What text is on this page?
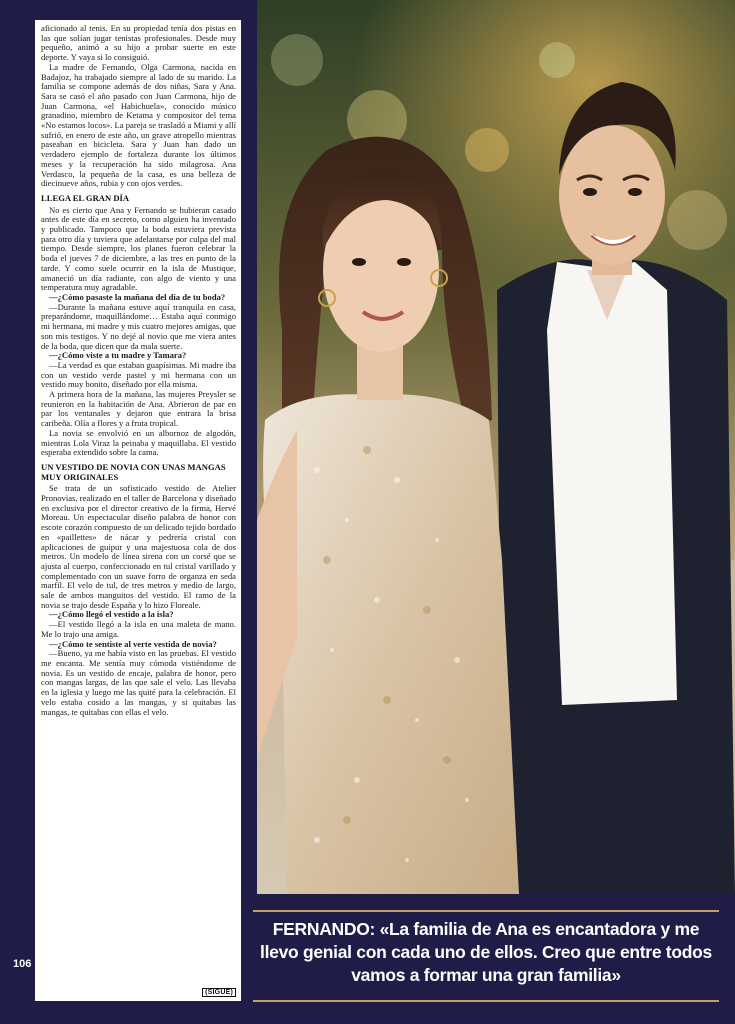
aficionado al tenis. En su propiedad tenía dos pistas en las que solían jugar tenistas profesionales. Desde muy pequeño, animó a su hijo a probar suerte en este deporte. Y vaya si lo consiguió.

La madre de Fernando, Olga Carmona, nacida en Badajoz, ha trabajado siempre al lado de su marido. La familia se compone además de dos niñas, Sara y Ana. Sara se casó el año pasado con Juan Carmona, hijo de Juan Carmona, «el Habichuela», conocido músico granadino, miembro de Ketama y compositor del tema «No estamos locos». La pareja se trasladó a Miami y allí sufrió, en enero de este año, un grave atropello mientras paseaban en bicicleta. Sara y Juan han dado un verdadero ejemplo de fortaleza durante los últimos meses y la recuperación ha sido milagrosa. Ana Verdasco, la pequeña de la casa, es una belleza de diecinueve años, rubia y con ojos verdes.

LLEGA EL GRAN DÍA

No es cierto que Ana y Fernando se hubieran casado antes de este día en secreto, como alguien ha inventado y publicado. Tampoco que la boda estuviera prevista para otro día y tuviera que adelantarse por culpa del mal tiempo. Desde siempre, los planes fueron celebrar la boda el jueves 7 de diciembre, a las tres en punto de la tarde. Y como suele ocurrir en la isla de Mustique, amaneció un día radiante, con algo de viento y una temperatura muy agradable.

—¿Cómo pasaste la mañana del día de tu boda?

—Durante la mañana estuve aquí tranquila en casa, preparándome, maquillándome… Estaba aquí conmigo mi hermana, mi madre y mis cuatro mejores amigas, que son mis testigos. Y no dejé al novio que me viera antes de la boda, que dicen que da mala suerte.

—¿Cómo viste a tu madre y Tamara?

—La verdad es que estaban guapísimas. Mi madre iba con un vestido verde pastel y mi hermana con un vestido muy bonito, diseñado por ella misma.

A primera hora de la mañana, las mujeres Preysler se reunieron en la habitación de Ana. Abrieron de par en par los ventanales y dejaron que entrara la brisa caribeña. Olía a flores y a fruta tropical.

La novia se envolvió en un albornoz de algodón, mientras Lola Viraz la peinaba y maquillaba. El vestido esperaba extendido sobre la cama.

UN VESTIDO DE NOVIA CON UNAS MANGAS MUY ORIGINALES

Se trata de un sofisticado vestido de Atelier Pronovias, realizado en el taller de Barcelona y diseñado en exclusiva por el director creativo de la firma, Hervé Moreau. Un espectacular diseño palabra de honor con escote corazón compuesto de un delicado tejido bordado en «paillettes» de nácar y pedrería cristal con aplicaciones de guipur y una majestuosa cola de dos metros. Un modelo de línea sirena con un corsé que se ajusta al cuerpo, confeccionado en tul cristal varillado y complementado con un suave forro de organza en seda marfil. El velo de tul, de tres metros y medio de largo, sale de ambos manguitos del vestido. El ramo de la novia se trajo desde España y lo hizo Floreale.

—¿Cómo llegó el vestido a la isla?

—El vestido llegó a la isla en una maleta de mano. Me lo trajo una amiga.

—¿Cómo te sentiste al verte vestida de novia?

—Bueno, ya me había visto en las pruebas. El vestido me encanta. Me sentía muy cómoda vistiéndome de novia. Es un vestido de encaje, palabra de honor, pero con mangas largas, de las que sale el velo. Las llevaba en la iglesia y luego me las quité para la celebración. El velo estaba cosido a las mangas, y si quitabas las mangas, te quitabas con ellas el velo.

(SIGUE)
106

FERNANDO: «La familia de Ana es encantadora y me llevo genial con cada uno de ellos. Creo que entre todos vamos a formar una gran familia»
